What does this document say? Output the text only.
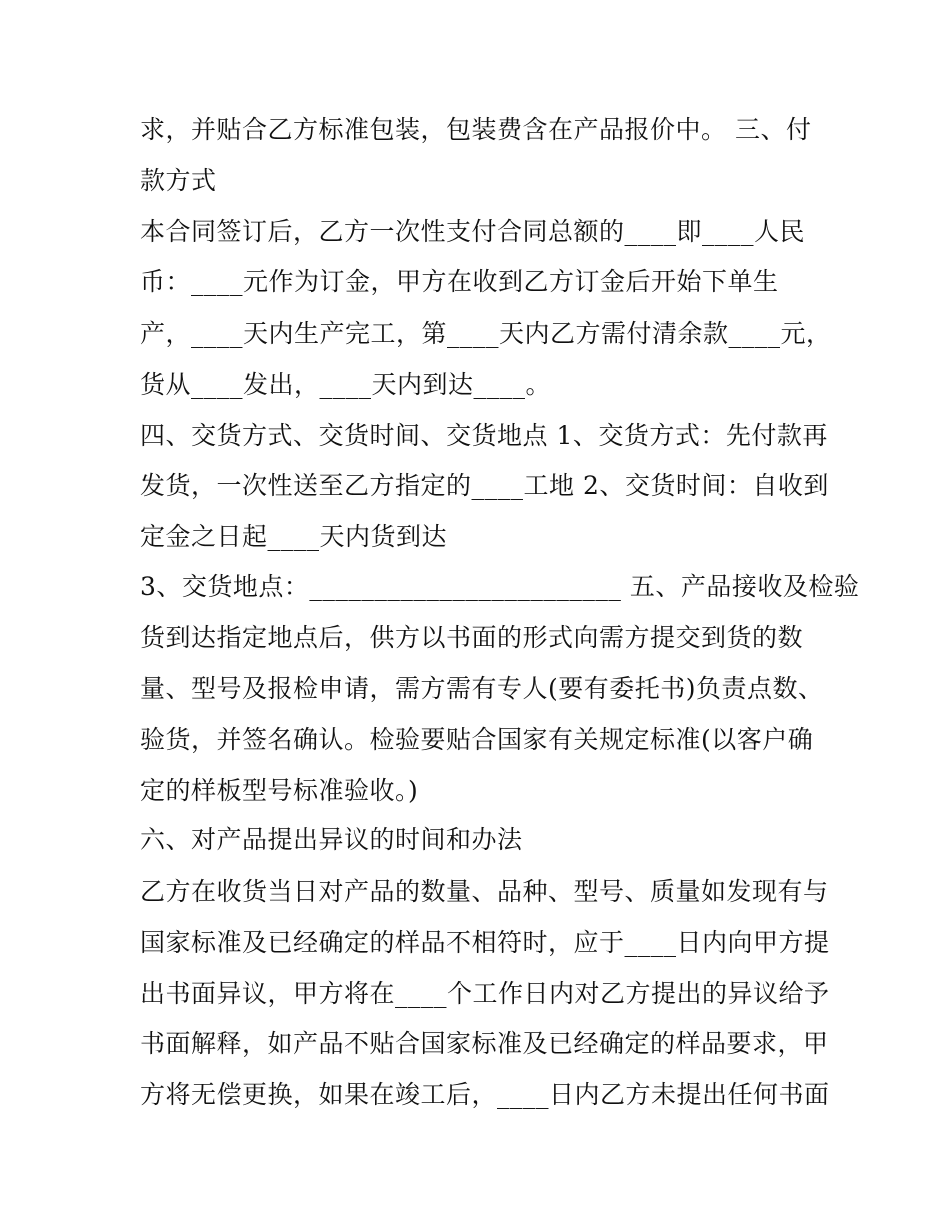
求，并贴合乙方标准包装，包装费含在产品报价中。 三、付

款方式

本合同签订后，乙方一次性支付合同总额的____即____人民

币：____元作为订金，甲方在收到乙方订金后开始下单生

产，____天内生产完工，第____天内乙方需付清余款____元，

货从____发出，____天内到达____。

四、交货方式、交货时间、交货地点 1、交货方式：先付款再

发货，一次性送至乙方指定的____工地 2、交货时间：自收到

定金之日起____天内货到达

3、交货地点：________________________ 五、产品接收及检验

货到达指定地点后，供方以书面的形式向需方提交到货的数

量、型号及报检申请，需方需有专人(要有委托书)负责点数、

验货，并签名确认。检验要贴合国家有关规定标准(以客户确

定的样板型号标准验收。)

六、对产品提出异议的时间和办法

乙方在收货当日对产品的数量、品种、型号、质量如发现有与

国家标准及已经确定的样品不相符时，应于____日内向甲方提

出书面异议，甲方将在____个工作日内对乙方提出的异议给予

书面解释，如产品不贴合国家标准及已经确定的样品要求，甲

方将无偿更换，如果在竣工后，____日内乙方未提出任何书面
